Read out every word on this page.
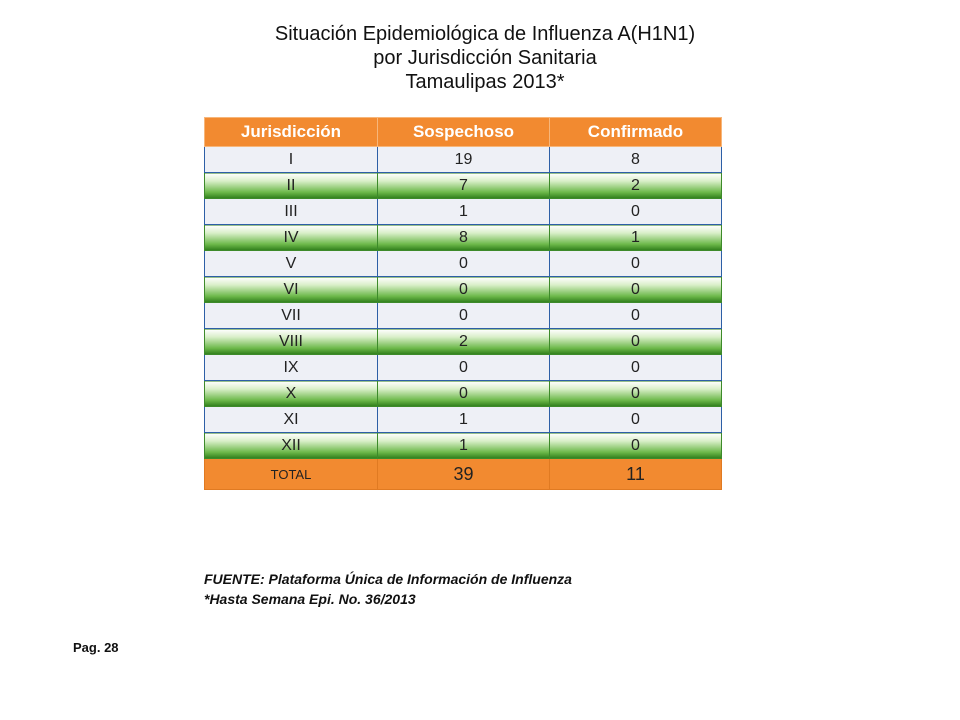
Situación Epidemiológica de Influenza A(H1N1)
por Jurisdicción Sanitaria
Tamaulipas 2013*
Jurisdicción	Sospechoso	Confirmado
I	19	8
II	7	2
III	1	0
IV	8	1
V	0	0
VI	0	0
VII	0	0
VIII	2	0
IX	0	0
X	0	0
XI	1	0
XII	1	0
TOTAL	39	11
FUENTE: Plataforma Única de Información de Influenza
*Hasta Semana Epi. No. 36/2013
Pag. 28
